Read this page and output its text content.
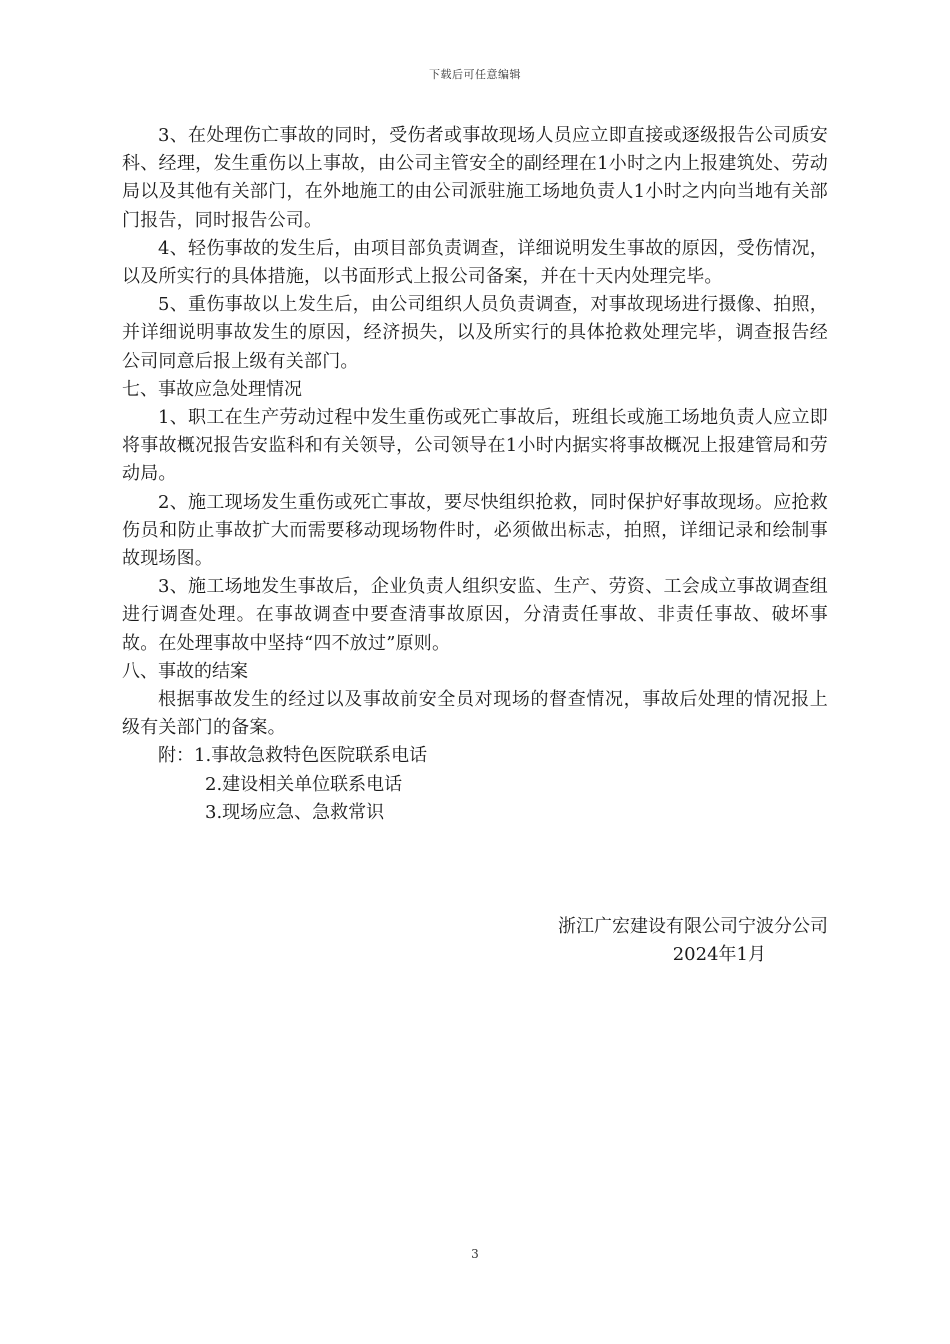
下载后可任意编辑

3、在处理伤亡事故的同时，受伤者或事故现场人员应立即直接或逐级报告公司质安科、经理，发生重伤以上事故，由公司主管安全的副经理在1小时之内上报建筑处、劳动局以及其他有关部门，在外地施工的由公司派驻施工场地负责人1小时之内向当地有关部门报告，同时报告公司。

4、轻伤事故的发生后，由项目部负责调查，详细说明发生事故的原因，受伤情况，以及所实行的具体措施，以书面形式上报公司备案，并在十天内处理完毕。

5、重伤事故以上发生后，由公司组织人员负责调查，对事故现场进行摄像、拍照，并详细说明事故发生的原因，经济损失，以及所实行的具体抢救处理完毕，调查报告经公司同意后报上级有关部门。

七、事故应急处理情况

1、职工在生产劳动过程中发生重伤或死亡事故后，班组长或施工场地负责人应立即将事故概况报告安监科和有关领导，公司领导在1小时内据实将事故概况上报建管局和劳动局。

2、施工现场发生重伤或死亡事故，要尽快组织抢救，同时保护好事故现场。应抢救伤员和防止事故扩大而需要移动现场物件时，必须做出标志，拍照，详细记录和绘制事故现场图。

3、施工场地发生事故后，企业负责人组织安监、生产、劳资、工会成立事故调查组进行调查处理。在事故调查中要查清事故原因，分清责任事故、非责任事故、破坏事故。在处理事故中坚持“四不放过”原则。

八、事故的结案

根据事故发生的经过以及事故前安全员对现场的督查情况，事故后处理的情况报上级有关部门的备案。

附：1.事故急救特色医院联系电话

2.建设相关单位联系电话

3.现场应急、急救常识

浙江广宏建设有限公司宁波分公司
2024年1月
3
